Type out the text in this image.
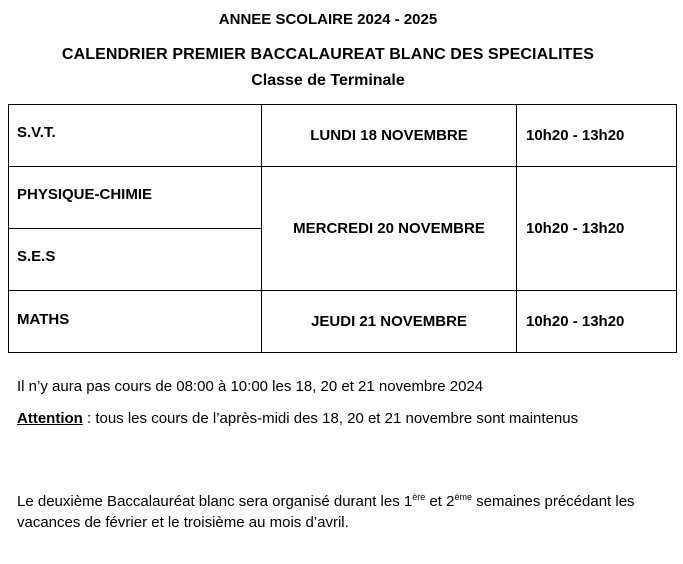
ANNEE SCOLAIRE 2024 - 2025
CALENDRIER PREMIER BACCALAUREAT BLANC DES SPECIALITES
Classe de Terminale
S.V.T.	LUNDI 18 NOVEMBRE	10h20 - 13h20
PHYSIQUE-CHIMIE	MERCREDI 20 NOVEMBRE	10h20 - 13h20
S.E.S		
MATHS	JEUDI 21 NOVEMBRE	10h20 - 13h20
Il n’y aura pas cours de 08:00 à 10:00 les 18, 20 et 21 novembre 2024
Attention : tous les cours de l’après-midi des 18, 20 et 21 novembre sont maintenus
Le deuxième Baccalauréat blanc sera organisé durant les 1ère et 2ème semaines précédant les vacances de février et le troisième au mois d’avril.
